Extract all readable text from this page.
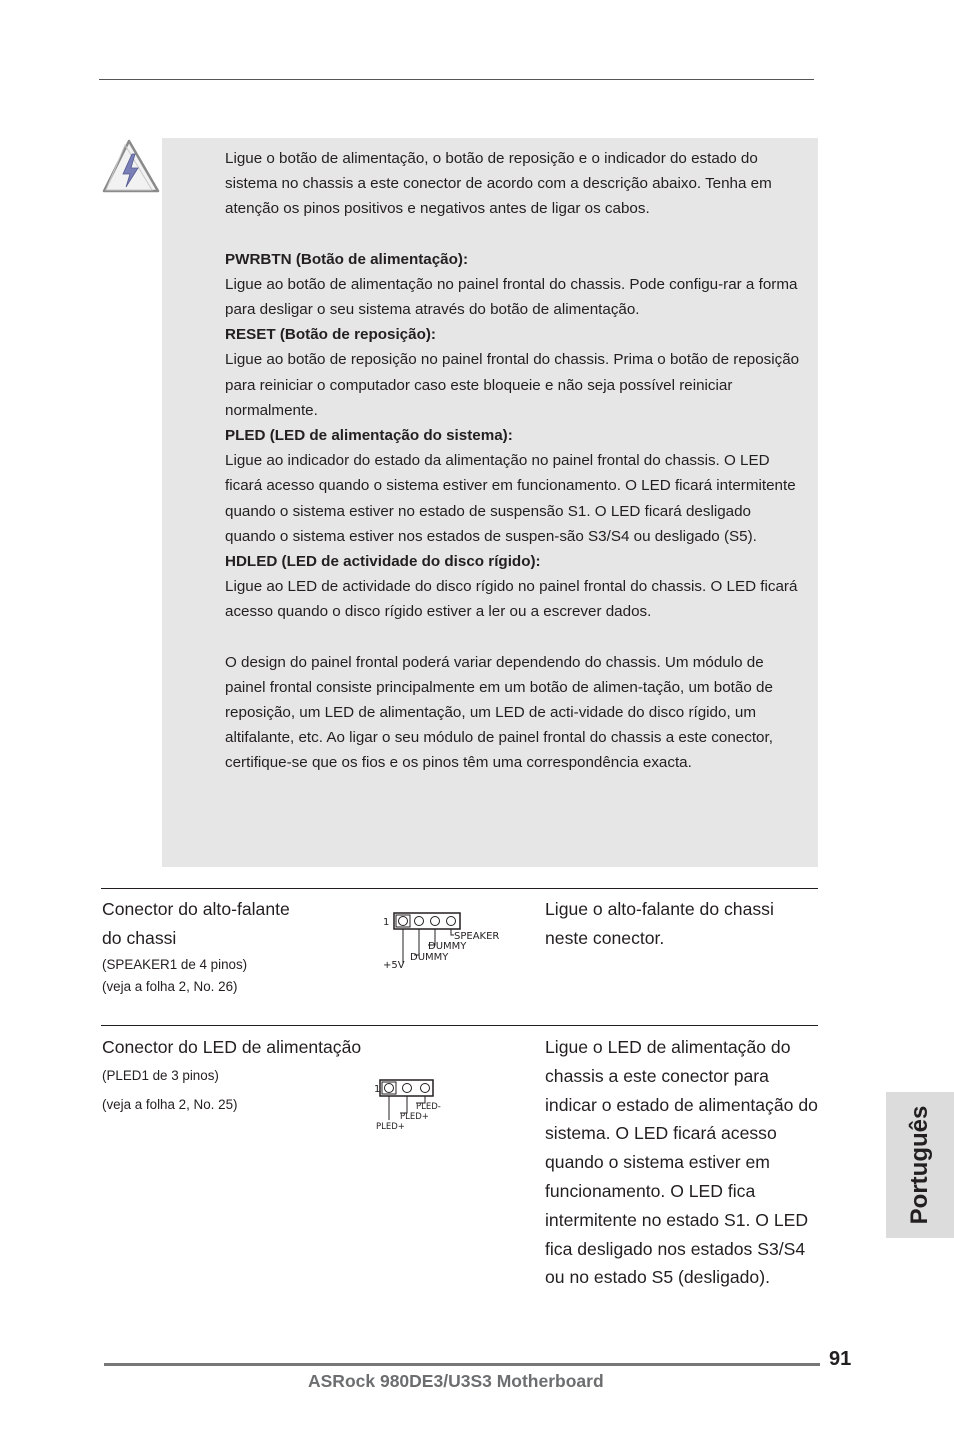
Ligue o botão de alimentação, o botão de reposição e o indicador do estado do sistema no chassis a este conector de acordo com a descrição abaixo. Tenha em atenção os pinos positivos e negativos antes de ligar os cabos.

PWRBTN (Botão de alimentação):

Ligue ao botão de alimentação no painel frontal do chassis. Pode configu-rar a forma para desligar o seu sistema através do botão de alimentação.

RESET (Botão de reposição):

Ligue ao botão de reposição no painel frontal do chassis. Prima o botão de reposição para reiniciar o computador caso este bloqueie e não seja possível reiniciar normalmente.

PLED (LED de alimentação do sistema):

Ligue ao indicador do estado da alimentação no painel frontal do chassis. O LED ficará acesso quando o sistema estiver em funcionamento. O LED ficará intermitente quando o sistema estiver no estado de suspensão S1. O LED ficará desligado quando o sistema estiver nos estados de suspen-são S3/S4 ou desligado (S5).

HDLED (LED de actividade do disco rígido):

Ligue ao LED de actividade do disco rígido no painel frontal do chassis. O LED ficará acesso quando o disco rígido estiver a ler ou a escrever dados.

O design do painel frontal poderá variar dependendo do chassis. Um módulo de painel frontal consiste principalmente em um botão de alimen-tação, um botão de reposição, um LED de alimentação, um LED de acti-vidade do disco rígido, um altifalante, etc. Ao ligar o seu módulo de painel frontal do chassis a este conector, certifique-se que os fios e os pinos têm uma correspondência exacta.

Conector do alto-falante
do chassi
(SPEAKER1 de 4 pinos)
(veja a folha 2, No. 26)
1
SPEAKER
DUMMY
DUMMY
+5V
Ligue o alto-falante do chassi neste conector.
Conector do LED de alimentação
(PLED1 de 3 pinos)
(veja a folha 2, No. 25)
1
PLED-
PLED+
PLED+
Ligue o LED de alimentação do chassis a este conector para indicar o estado de alimentação do sistema. O LED ficará acesso quando o sistema estiver em funcionamento. O LED fica intermitente no estado S1. O LED fica desligado nos estados S3/S4 ou no estado S5 (desligado).
Português
91
ASRock 980DE3/U3S3 Motherboard
